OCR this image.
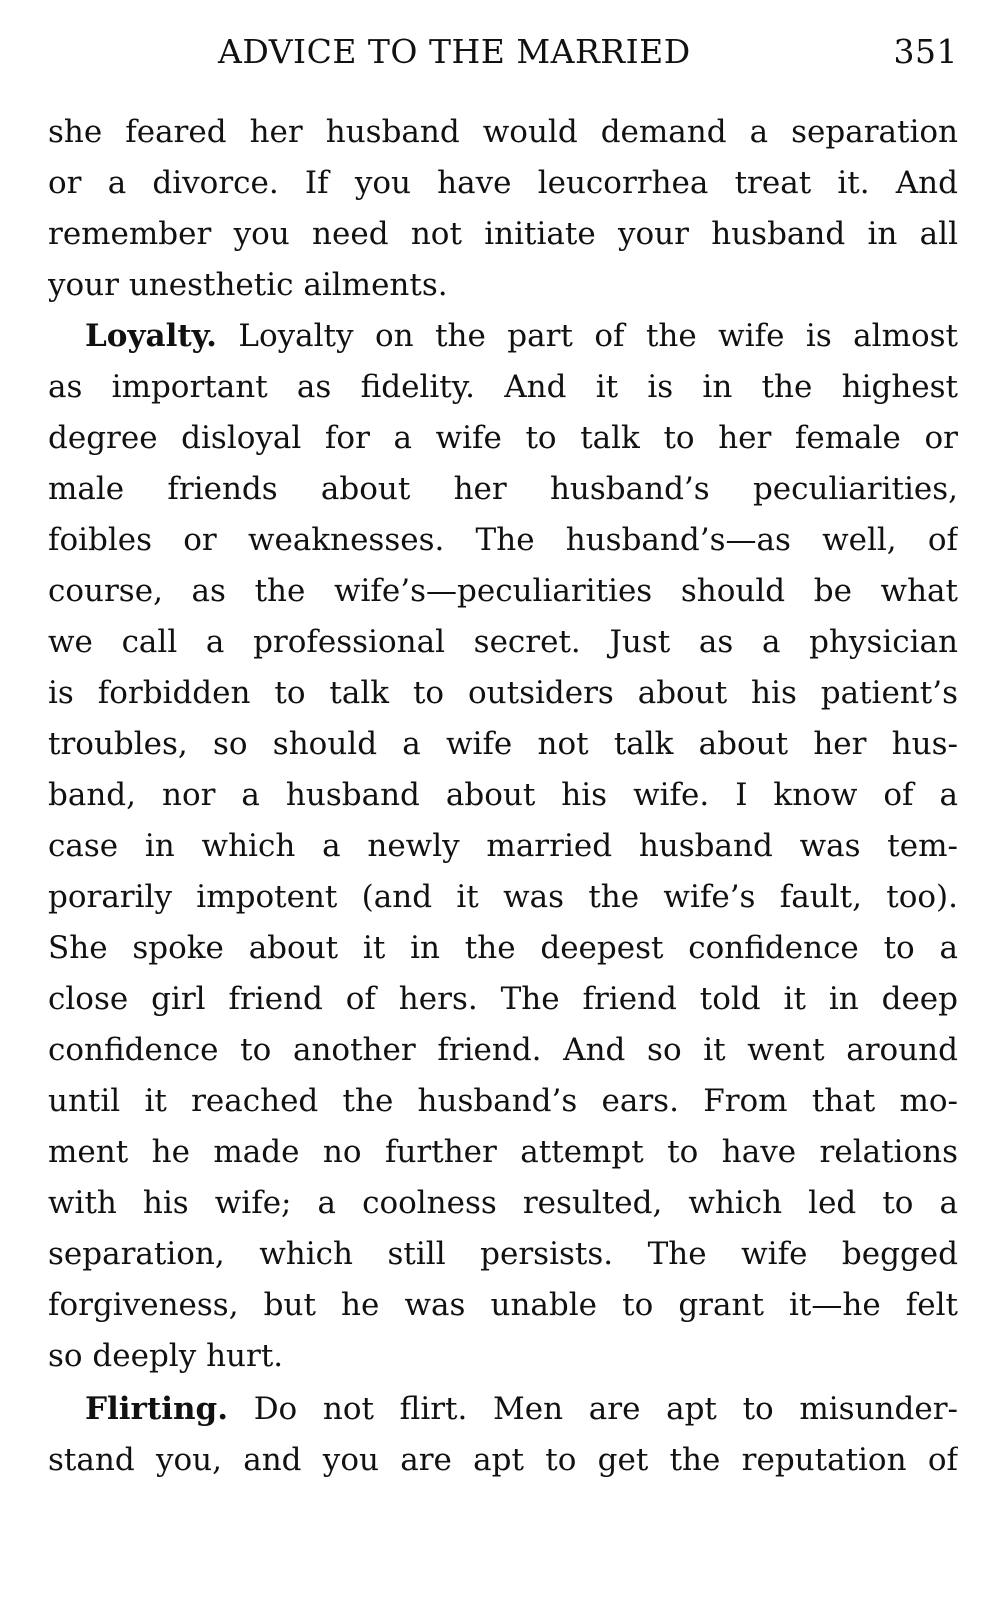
ADVICE TO THE MARRIED	351
she feared her husband would demand a separation
or a divorce. If you have leucorrhea treat it. And
remember you need not initiate your husband in all
your unesthetic ailments.
Loyalty. Loyalty on the part of the wife is almost
as important as fidelity. And it is in the highest
degree disloyal for a wife to talk to her female or
male friends about her husband’s peculiarities,
foibles or weaknesses. The husband’s—as well, of
course, as the wife’s—peculiarities should be what
we call a professional secret. Just as a physician
is forbidden to talk to outsiders about his patient’s
troubles, so should a wife not talk about her hus-
band, nor a husband about his wife. I know of a
case in which a newly married husband was tem-
porarily impotent (and it was the wife’s fault, too).
She spoke about it in the deepest confidence to a
close girl friend of hers. The friend told it in deep
confidence to another friend. And so it went around
until it reached the husband’s ears. From that mo-
ment he made no further attempt to have relations
with his wife; a coolness resulted, which led to a
separation, which still persists. The wife begged
forgiveness, but he was unable to grant it—he felt
so deeply hurt.
Flirting. Do not flirt. Men are apt to misunder-
stand you, and you are apt to get the reputation of
